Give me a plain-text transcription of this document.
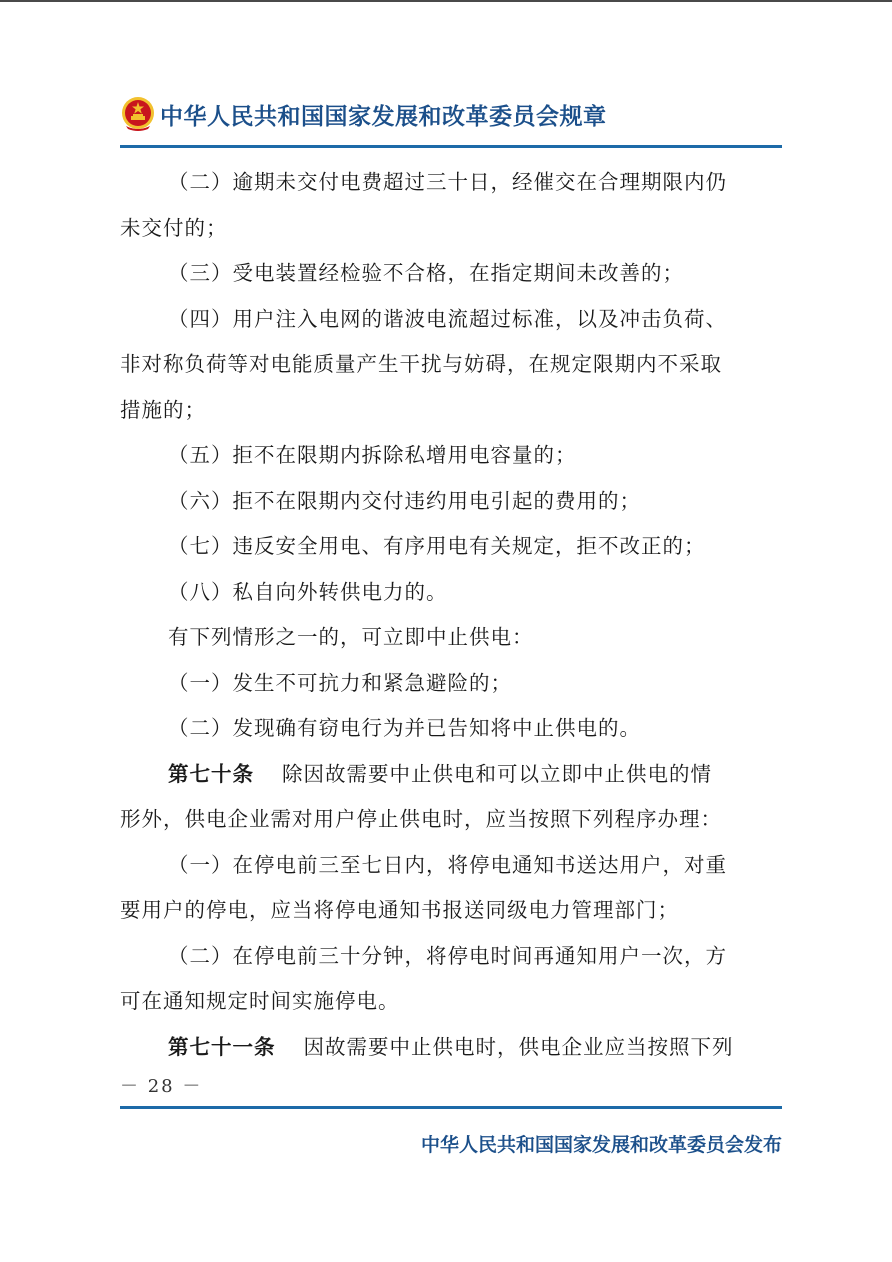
中华人民共和国国家发展和改革委员会规章

（二）逾期未交付电费超过三十日，经催交在合理期限内仍

未交付的；

（三）受电装置经检验不合格，在指定期间未改善的；

（四）用户注入电网的谐波电流超过标准，以及冲击负荷、

非对称负荷等对电能质量产生干扰与妨碍，在规定限期内不采取

措施的；

（五）拒不在限期内拆除私增用电容量的；

（六）拒不在限期内交付违约用电引起的费用的；

（七）违反安全用电、有序用电有关规定，拒不改正的；

（八）私自向外转供电力的。

有下列情形之一的，可立即中止供电：

（一）发生不可抗力和紧急避险的；

（二）发现确有窃电行为并已告知将中止供电的。

第七十条 除因故需要中止供电和可以立即中止供电的情

形外，供电企业需对用户停止供电时，应当按照下列程序办理：

（一）在停电前三至七日内，将停电通知书送达用户，对重

要用户的停电，应当将停电通知书报送同级电力管理部门；

（二）在停电前三十分钟，将停电时间再通知用户一次，方

可在通知规定时间实施停电。

第七十一条 因故需要中止供电时，供电企业应当按照下列

－ 28 －
中华人民共和国国家发展和改革委员会发布
